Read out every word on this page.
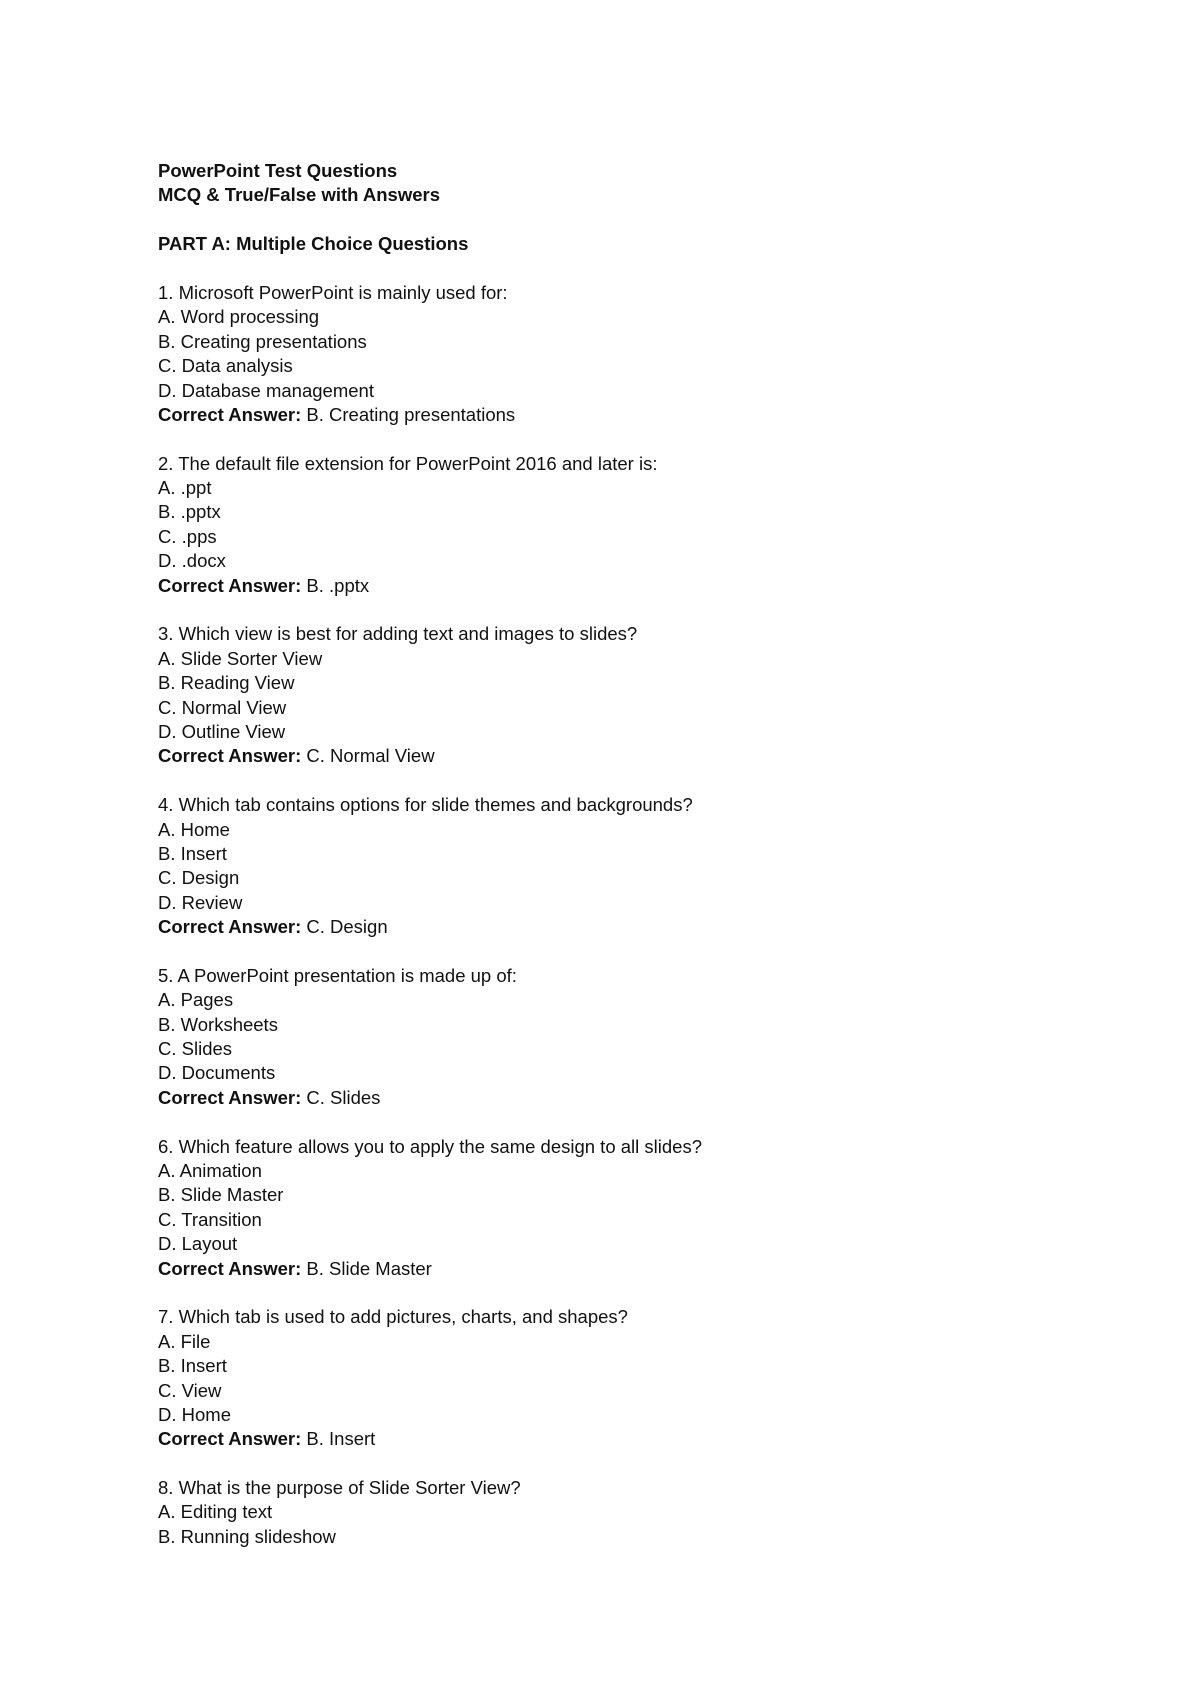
PowerPoint Test Questions
MCQ & True/False with Answers
PART A: Multiple Choice Questions
1. Microsoft PowerPoint is mainly used for:
A. Word processing
B. Creating presentations
C. Data analysis
D. Database management
Correct Answer: B. Creating presentations
2. The default file extension for PowerPoint 2016 and later is:
A. .ppt
B. .pptx
C. .pps
D. .docx
Correct Answer: B. .pptx
3. Which view is best for adding text and images to slides?
A. Slide Sorter View
B. Reading View
C. Normal View
D. Outline View
Correct Answer: C. Normal View
4. Which tab contains options for slide themes and backgrounds?
A. Home
B. Insert
C. Design
D. Review
Correct Answer: C. Design
5. A PowerPoint presentation is made up of:
A. Pages
B. Worksheets
C. Slides
D. Documents
Correct Answer: C. Slides
6. Which feature allows you to apply the same design to all slides?
A. Animation
B. Slide Master
C. Transition
D. Layout
Correct Answer: B. Slide Master
7. Which tab is used to add pictures, charts, and shapes?
A. File
B. Insert
C. View
D. Home
Correct Answer: B. Insert
8. What is the purpose of Slide Sorter View?
A. Editing text
B. Running slideshow
